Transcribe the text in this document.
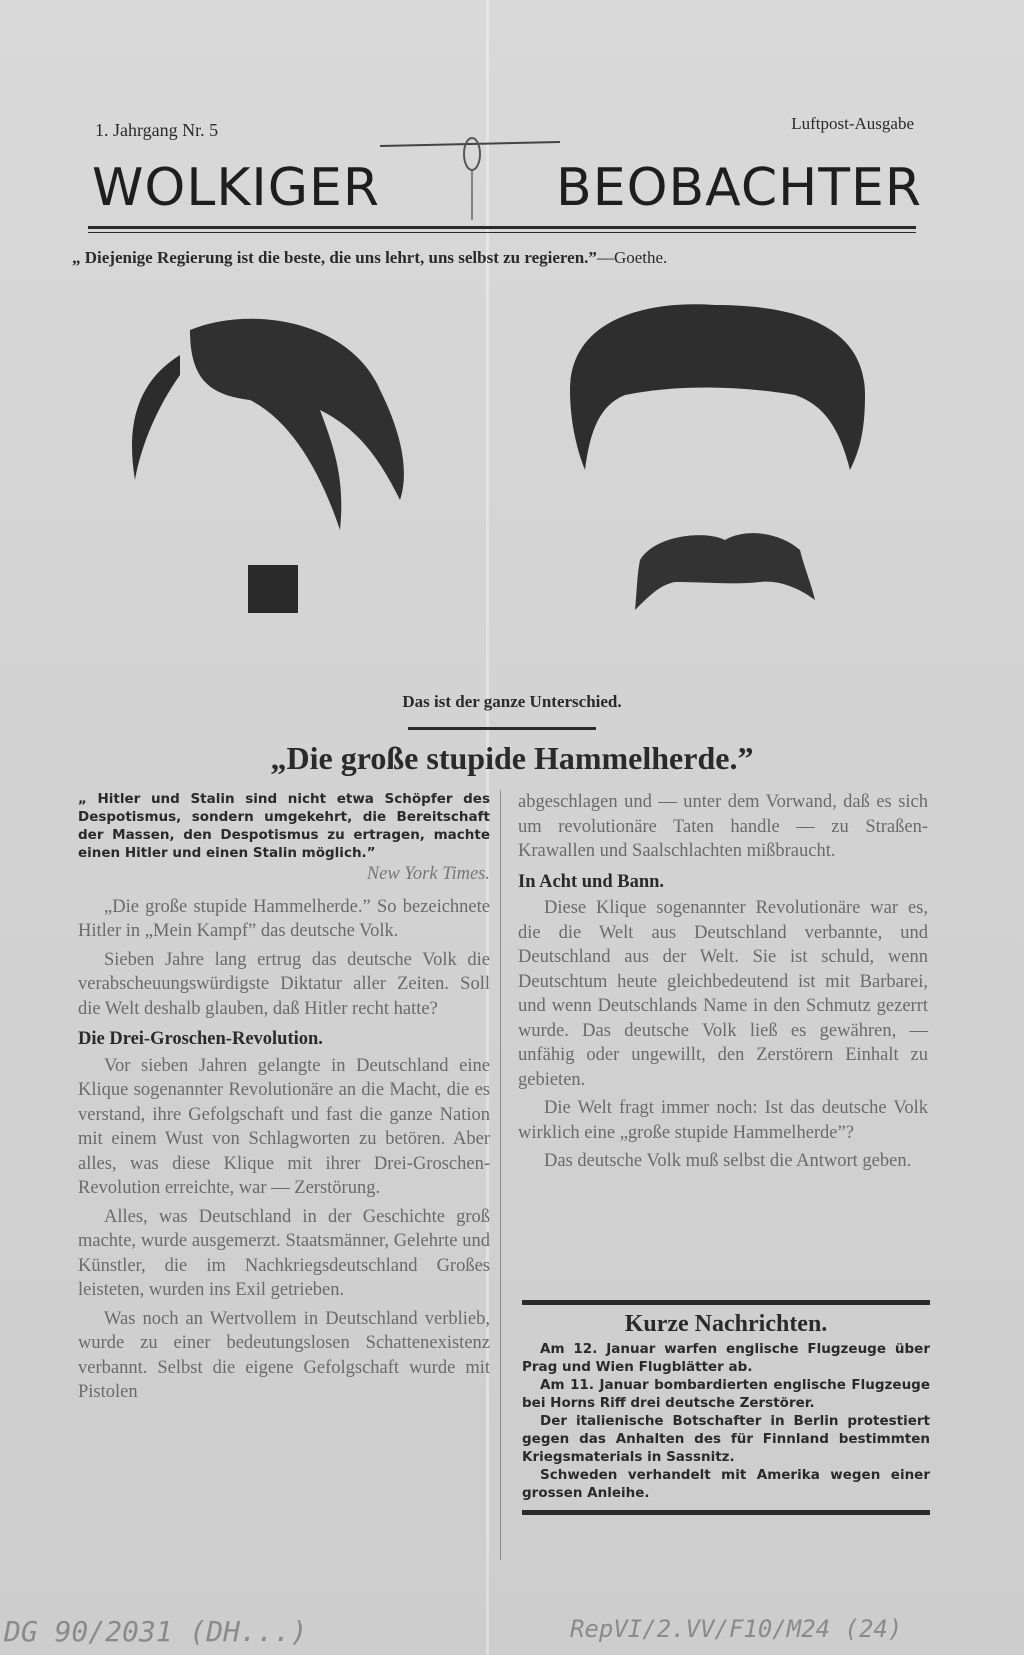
1. Jahrgang Nr. 5	Luftpost-Ausgabe
WOLKIGER	BEOBACHTER
„ Diejenige Regierung ist die beste, die uns lehrt, uns selbst zu regieren.”—Goethe.
Das ist der ganze Unterschied.
„Die große stupide Hammelherde.”
„ Hitler und Stalin sind nicht etwa Schöpfer des Despotismus, sondern umgekehrt, die Bereitschaft der Massen, den Despotismus zu ertragen, machte einen Hitler und einen Stalin möglich.”
New York Times.

„Die große stupide Hammelherde.” So bezeichnete Hitler in „Mein Kampf” das deutsche Volk.

Sieben Jahre lang ertrug das deutsche Volk die verabscheuungswürdigste Diktatur aller Zeiten. Soll die Welt deshalb glauben, daß Hitler recht hatte?

Die Drei-Groschen-Revolution.

Vor sieben Jahren gelangte in Deutschland eine Klique sogenannter Revolutionäre an die Macht, die es verstand, ihre Gefolgschaft und fast die ganze Nation mit einem Wust von Schlagworten zu betören. Aber alles, was diese Klique mit ihrer Drei-Groschen-Revolution erreichte, war — Zerstörung.

Alles, was Deutschland in der Geschichte groß machte, wurde ausgemerzt. Staatsmänner, Gelehrte und Künstler, die im Nachkriegsdeutschland Großes leisteten, wurden ins Exil getrieben.

Was noch an Wertvollem in Deutschland verblieb, wurde zu einer bedeutungslosen Schattenexistenz verbannt. Selbst die eigene Gefolgschaft wurde mit Pistolen

abgeschlagen und — unter dem Vorwand, daß es sich um revolutionäre Taten handle — zu Straßen-Krawallen und Saalschlachten mißbraucht.

In Acht und Bann.

Diese Klique sogenannter Revolutionäre war es, die die Welt aus Deutschland verbannte, und Deutschland aus der Welt. Sie ist schuld, wenn Deutschtum heute gleichbedeutend ist mit Barbarei, und wenn Deutschlands Name in den Schmutz gezerrt wurde. Das deutsche Volk ließ es gewähren, — unfähig oder ungewillt, den Zerstörern Einhalt zu gebieten.

Die Welt fragt immer noch: Ist das deutsche Volk wirklich eine „große stupide Hammelherde”?

Das deutsche Volk muß selbst die Antwort geben.

Kurze Nachrichten.

Am 12. Januar warfen englische Flugzeuge über Prag und Wien Flugblätter ab.

Am 11. Januar bombardierten englische Flugzeuge bei Horns Riff drei deutsche Zerstörer.

Der italienische Botschafter in Berlin protestiert gegen das Anhalten des für Finnland bestimmten Kriegsmaterials in Sassnitz.

Schweden verhandelt mit Amerika wegen einer grossen Anleihe.

DG 90/2031 (DH...)	RepVI/2.VV/F10/M24 (24)
